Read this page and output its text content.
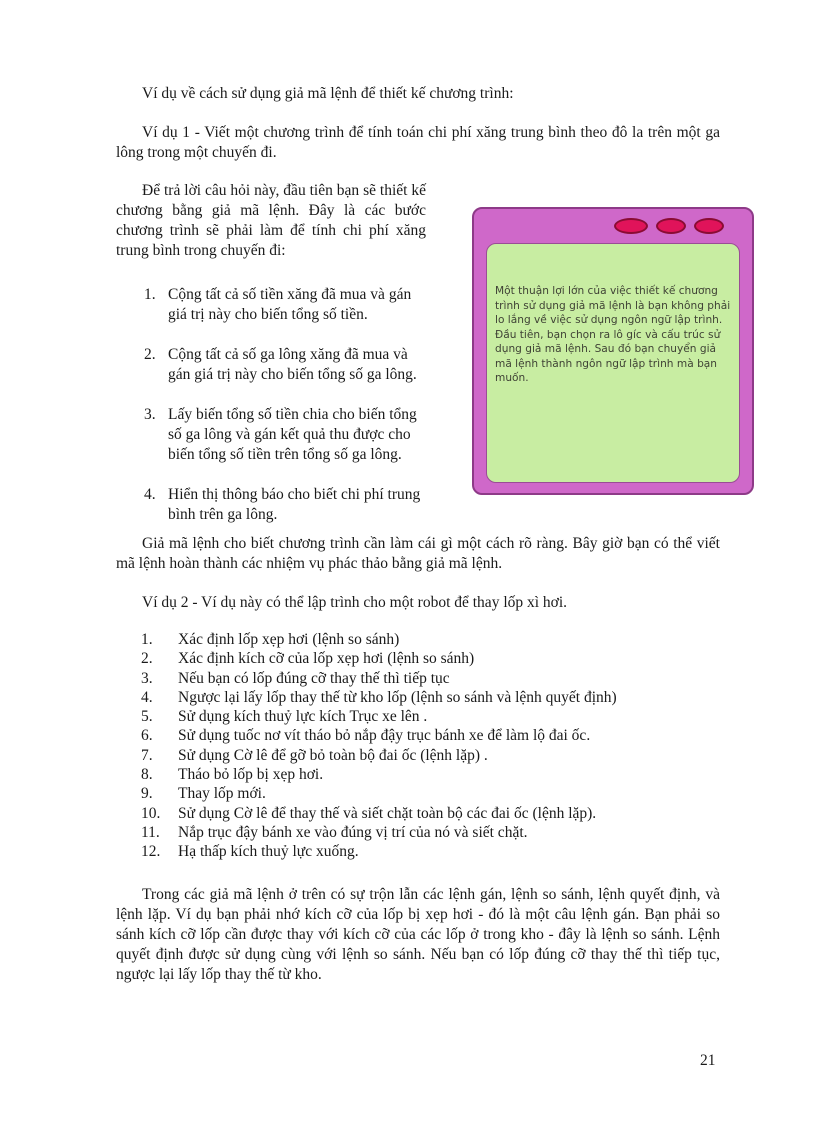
Ví dụ về cách sử dụng giả mã lệnh để thiết kế chương trình:
Ví dụ 1 - Viết một chương trình để tính toán chi phí xăng trung bình theo đô la trên một ga lông trong một chuyến đi.
Để trả lời câu hỏi này, đầu tiên bạn sẽ thiết kế chương bằng giả mã lệnh. Đây là các bước chương trình sẽ phải làm để tính chi phí xăng trung bình trong chuyến đi:
1. Cộng tất cả số tiền xăng đã mua và gán giá trị này cho biến tổng số tiền.
2. Cộng tất cả số ga lông xăng đã mua và gán giá trị này cho biến tổng số ga lông.
3. Lấy biến tổng số tiền chia cho biến tổng số ga lông và gán kết quả thu được cho biến tổng số tiền trên tổng số ga lông.
4. Hiển thị thông báo cho biết chi phí trung bình trên ga lông.
Một thuận lợi lớn của việc thiết kế chương trình sử dụng giả mã lệnh là bạn không phải lo lắng về việc sử dụng ngôn ngữ lập trình. Đầu tiên, bạn chọn ra lô gíc và cấu trúc sử dụng giả mã lệnh. Sau đó bạn chuyển giả mã lệnh thành ngôn ngữ lập trình mà bạn muốn.
Giả mã lệnh cho biết chương trình cần làm cái gì một cách rõ ràng. Bây giờ bạn có thể viết mã lệnh hoàn thành các nhiệm vụ phác thảo bằng giả mã lệnh.
Ví dụ 2 - Ví dụ này có thể lập trình cho một robot để thay lốp xì hơi.
1. Xác định lốp xẹp hơi (lệnh so sánh)
2. Xác định kích cỡ của lốp xẹp hơi (lệnh so sánh)
3. Nếu bạn có lốp đúng cỡ thay thế thì tiếp tục
4. Ngược lại lấy lốp thay thế từ kho lốp (lệnh so sánh và lệnh quyết định)
5. Sử dụng kích thuỷ lực kích Trục xe lên .
6. Sử dụng tuốc nơ vít tháo bỏ nắp đậy trục bánh xe để làm lộ đai ốc.
7. Sử dụng Cờ lê để gỡ bỏ toàn bộ đai ốc (lệnh lặp) .
8. Tháo bỏ lốp bị xẹp hơi.
9. Thay lốp mới.
10. Sử dụng Cờ lê để thay thế và siết chặt toàn bộ các đai ốc (lệnh lặp).
11. Nắp trục đậy bánh xe vào đúng vị trí của nó và siết chặt.
12. Hạ thấp kích thuỷ lực xuống.
Trong các giả mã lệnh ở trên có sự trộn lẫn các lệnh gán, lệnh so sánh, lệnh quyết định, và lệnh lặp. Ví dụ bạn phải nhớ kích cỡ của lốp bị xẹp hơi - đó là một câu lệnh gán. Bạn phải so sánh kích cỡ lốp cần được thay với kích cỡ của các lốp ở trong kho - đây là lệnh so sánh. Lệnh quyết định được sử dụng cùng với lệnh so sánh. Nếu bạn có lốp đúng cỡ thay thế thì tiếp tục, ngược lại lấy lốp thay thế từ kho.
21
